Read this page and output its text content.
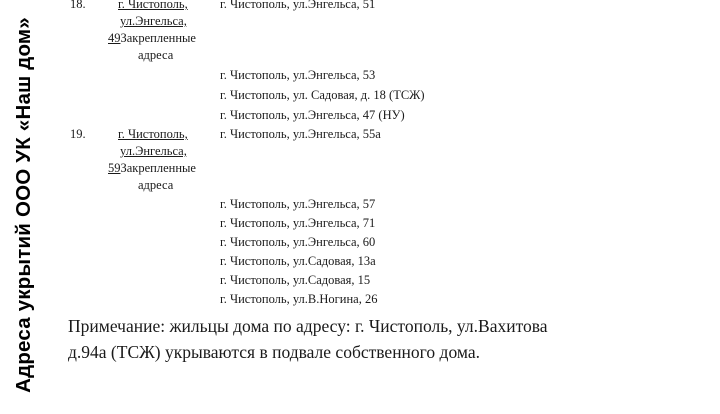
Адреса укрытий ООО УК «Наш дом»
18.	г. Чистополь,
ул.Энгельса,
49Закрепленные
адреса
г. Чистополь, ул.Энгельса, 51
г. Чистополь, ул.Энгельса, 53
г. Чистополь, ул. Садовая, д. 18 (ТСЖ)
г. Чистополь, ул.Энгельса, 47 (НУ)
19.	г. Чистополь,
ул.Энгельса,
59Закрепленные
адреса
г. Чистополь, ул.Энгельса, 55а
г. Чистополь, ул.Энгельса, 57
г. Чистополь, ул.Энгельса, 71
г. Чистополь, ул.Энгельса, 60
г. Чистополь, ул.Садовая, 13а
г. Чистополь, ул.Садовая, 15
г. Чистополь, ул.В.Ногина, 26
Примечание: жильцы дома по адресу: г. Чистополь, ул.Вахитова
д.94а (ТСЖ) укрываются в подвале собственного дома.
